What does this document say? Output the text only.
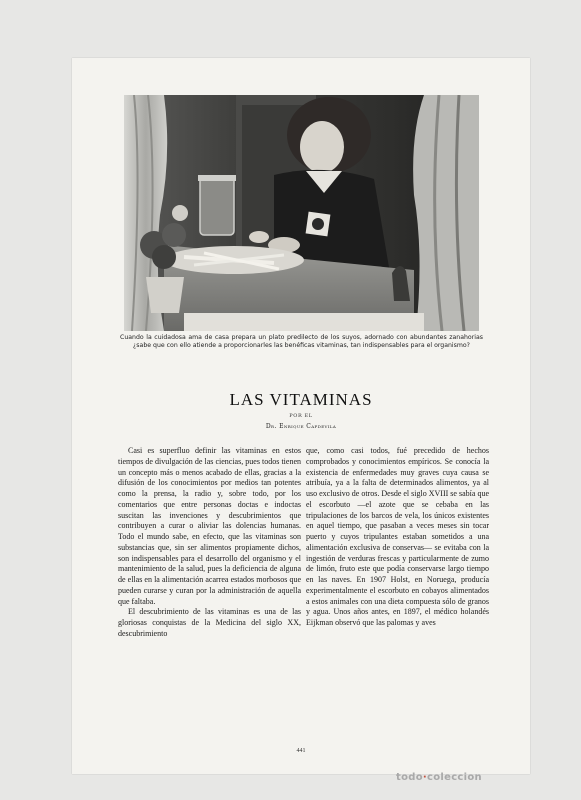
Cuando la cuidadosa ama de casa prepara un plato predilecto de los suyos, adornado con abundantes zanahorias ¿sabe que con ello atiende a proporcionarles las benéficas vitaminas, tan indispensables para el organismo?
LAS VITAMINAS
POR EL
Dr. Enrique Capdevila

Casi es superfluo definir las vitaminas en estos tiempos de divulgación de las ciencias, pues todos tienen un concepto más o menos acabado de ellas, gracias a la difusión de los conocimientos por medios tan potentes como la prensa, la radio y, sobre todo, por los comentarios que entre personas doctas e indoctas suscitan las invenciones y descubrimientos que contribuyen a curar o aliviar las dolencias humanas. Todo el mundo sabe, en efecto, que las vitaminas son substancias que, sin ser alimentos propiamente dichos, son indispensables para el desarrollo del organismo y el mantenimiento de la salud, pues la deficiencia de alguna de ellas en la alimentación acarrea estados morbosos que pueden curarse y curan por la administración de aquella que faltaba.

El descubrimiento de las vitaminas es una de las gloriosas conquistas de la Medicina del siglo XX, descubrimiento

que, como casi todos, fué precedido de hechos comprobados y conocimientos empíricos. Se conocía la existencia de enfermedades muy graves cuya causa se atribuía, ya a la falta de determinados alimentos, ya al uso exclusivo de otros. Desde el siglo XVIII se sabía que el escorbuto —el azote que se cebaba en las tripulaciones de los barcos de vela, los únicos existentes en aquel tiempo, que pasaban a veces meses sin tocar puerto y cuyos tripulantes estaban sometidos a una alimentación exclusiva de conservas— se evitaba con la ingestión de verduras frescas y particularmente de zumo de limón, fruto este que podía conservarse largo tiempo en las naves. En 1907 Holst, en Noruega, producía experimentalmente el escorbuto en cobayos alimentados a estos animales con una dieta compuesta sólo de granos y agua. Unos años antes, en 1897, el médico holandés Eijkman observó que las palomas y aves

441
todo·coleccion
